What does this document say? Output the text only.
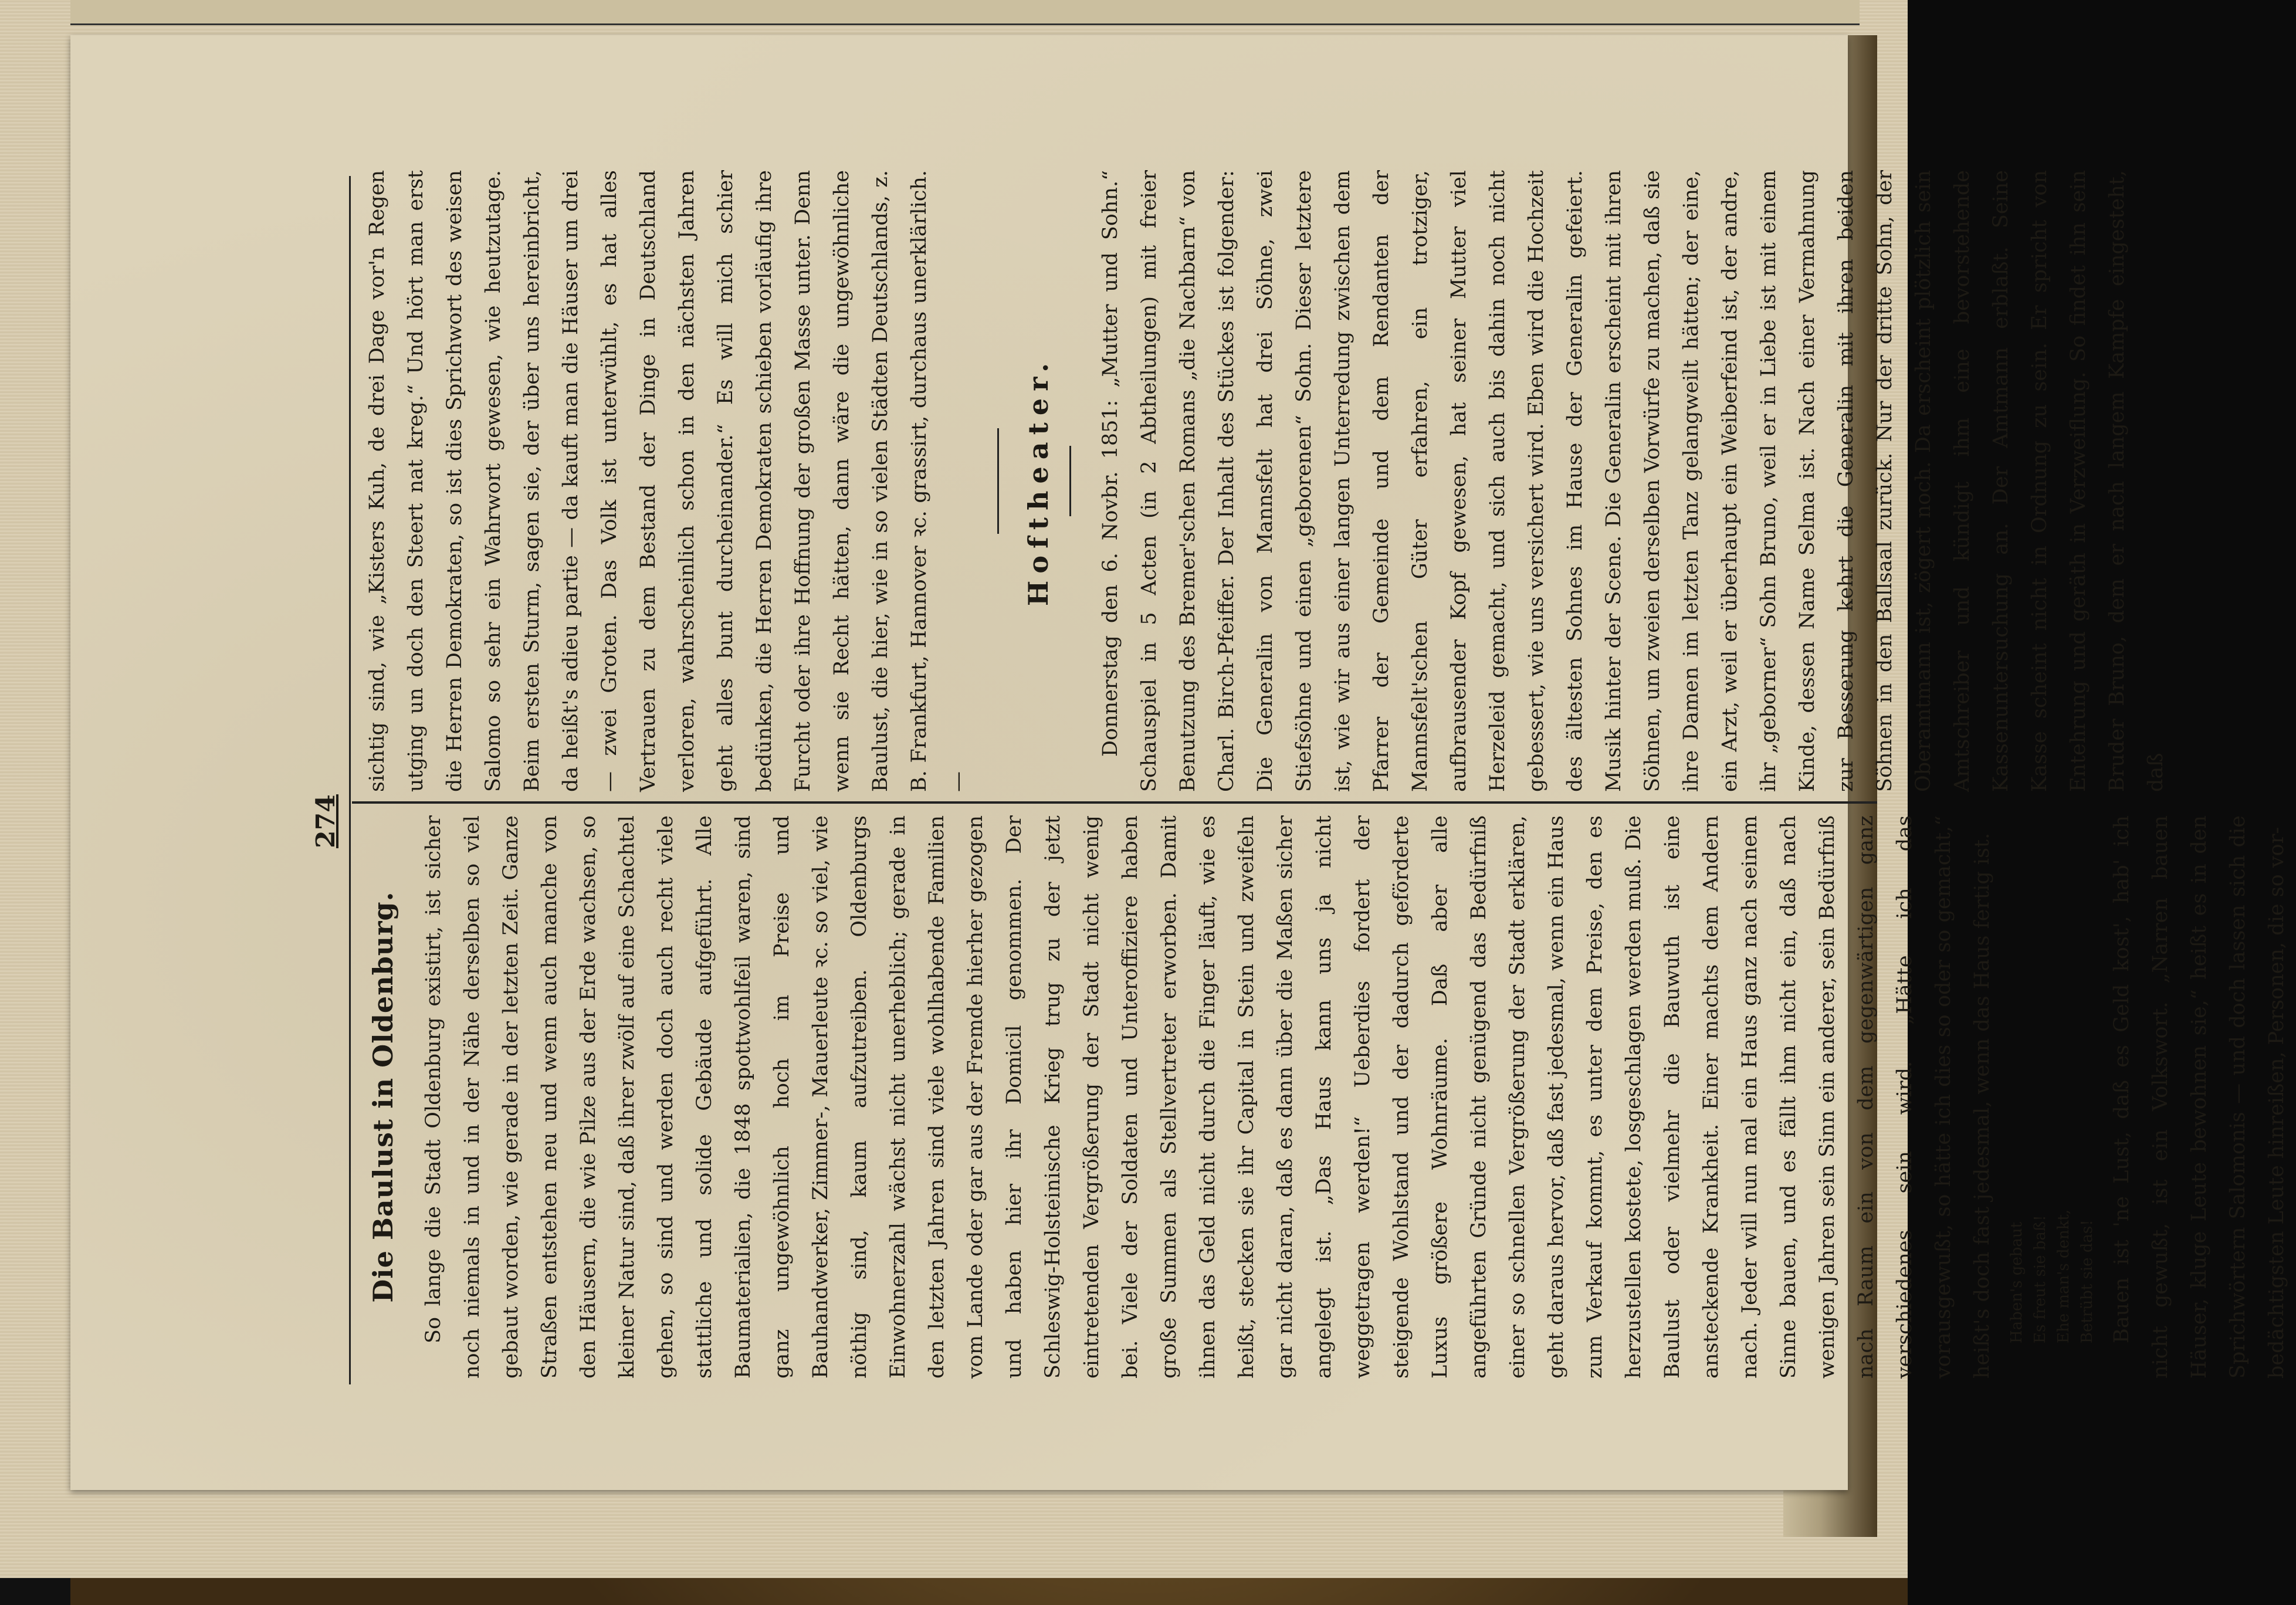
274
Die Baulust in Oldenburg.	So lange die Stadt Oldenburg existirt, ist sicher noch niemals in und in der Nähe derselben so viel gebaut worden, wie gerade in der letzten Zeit. Ganze Straßen entstehen neu und wenn auch manche von den Häusern, die wie Pilze aus der Erde wachsen, so kleiner Natur sind, daß ihrer zwölf auf eine Schachtel gehen, so sind und werden doch auch recht viele stattliche und solide Gebäude aufgeführt. Alle Baumaterialien, die 1848 spottwohlfeil waren, sind ganz ungewöhnlich hoch im Preise und Bauhandwerker, Zimmer-, Mauerleute ꝛc. so viel, wie nöthig sind, kaum aufzutreiben. Oldenburgs Einwohnerzahl wächst nicht unerheblich; gerade in den letzten Jahren sind viele wohlhabende Familien vom Lande oder gar aus der Fremde hierher gezogen und haben hier ihr Domicil genommen. Der Schleswig-Holsteinische Krieg trug zu der jetzt eintretenden Vergrößerung der Stadt nicht wenig bei. Viele der Soldaten und Unteroffiziere haben große Summen als Stellvertreter erworben. Damit ihnen das Geld nicht durch die Finger läuft, wie es heißt, stecken sie ihr Capital in Stein und zweifeln gar nicht daran, daß es dann über die Maßen sicher angelegt ist. „Das Haus kann uns ja nicht weggetragen werden!“ Ueberdies fordert der steigende Wohlstand und der dadurch geförderte Luxus größere Wohnräume. Daß aber alle angeführten Gründe nicht genügend das Bedürfniß einer so schnellen Vergrößerung der Stadt erklären, geht daraus hervor, daß fast jedesmal, wenn ein Haus zum Verkauf kommt, es unter dem Preise, den es herzustellen kostete, losgeschlagen werden muß. Die Baulust oder vielmehr die Bauwuth ist eine ansteckende Krankheit. Einer machts dem Andern nach. Jeder will nun mal ein Haus ganz nach seinem Sinne bauen, und es fällt ihm nicht ein, daß nach wenigen Jahren sein Sinn ein anderer, sein Bedürfniß nach Raum ein von dem gegenwärtigen ganz verschiedenes sein wird. „Hätte ich das vorausgewußt, so hätte ich dies so oder so gemacht,“ heißt's doch fast jedesmal, wenn das Haus fertig ist. Haben's gebaut Es freut sie baß! Ehe man's denkt, Betrübt sie das! Bauen ist 'ne Lust, daß es Geld kost', hab' ich nicht gewußt, ist ein Volkswort. „Narren bauen Häuser, kluge Leute bewohnen sie,“ heißt es in den Sprichwörtern Salomonis — und doch lassen sich die bedächtigsten Leute hinreißen, Personen, die so vor-

sichtig sind, wie „Kisters Kuh, de drei Dage vor'n Regen utging un doch den Steert nat kreg.“ Und hört man erst die Herren Demokraten, so ist dies Sprichwort des weisen Salomo so sehr ein Wahrwort gewesen, wie heutzutage. Beim ersten Sturm, sagen sie, der über uns hereinbricht, da heißt's adieu partie — da kauft man die Häuser um drei — zwei Groten. Das Volk ist unterwühlt, es hat alles Vertrauen zu dem Bestand der Dinge in Deutschland verloren, wahrscheinlich schon in den nächsten Jahren geht alles bunt durcheinander.“ Es will mich schier bedünken, die Herren Demokraten schieben vorläufig ihre Furcht oder ihre Hoffnung der großen Masse unter. Denn wenn sie Recht hätten, dann wäre die ungewöhnliche Baulust, die hier, wie in so vielen Städten Deutschlands, z. B. Frankfurt, Hannover ꝛc. grassirt, durchaus unerklärlich. —

Hoftheater.	Donnerstag den 6. Novbr. 1851: „Mutter und Sohn.“ Schauspiel in 5 Acten (in 2 Abtheilungen) mit freier Benutzung des Bremer'schen Romans „die Nachbarn“ von Charl. Birch-Pfeiffer. Der Inhalt des Stückes ist folgender: Die Generalin von Mannsfelt hat drei Söhne, zwei Stiefsöhne und einen „geborenen“ Sohn. Dieser letztere ist, wie wir aus einer langen Unterredung zwischen dem Pfarrer der Gemeinde und dem Rendanten der Mannsfelt'schen Güter erfahren, ein trotziger, aufbrausender Kopf gewesen, hat seiner Mutter viel Herzeleid gemacht, und sich auch bis dahin noch nicht gebessert, wie uns versichert wird. Eben wird die Hochzeit des ältesten Sohnes im Hause der Generalin gefeiert. Musik hinter der Scene. Die Generalin erscheint mit ihren Söhnen, um zweien derselben Vorwürfe zu machen, daß sie ihre Damen im letzten Tanz gelangweilt hätten; der eine, ein Arzt, weil er überhaupt ein Weiberfeind ist, der andre, ihr „geborner“ Sohn Bruno, weil er in Liebe ist mit einem Kinde, dessen Name Selma ist. Nach einer Vermahnung zur Besserung kehrt die Generalin mit ihren beiden Söhnen in den Ballsaal zurück. Nur der dritte Sohn, der Oberamtmann ist, zögert noch. Da erscheint plötzlich sein Amtschreiber und kündigt ihm eine bevorstehende Kassenuntersuchung an. Der Amtmann erblaßt. Seine Kasse scheint nicht in Ordnung zu sein. Er spricht von Entehrung und geräth in Verzweiflung. So findet ihn sein Bruder Bruno, dem er nach langem Kampfe eingesteht, daß
